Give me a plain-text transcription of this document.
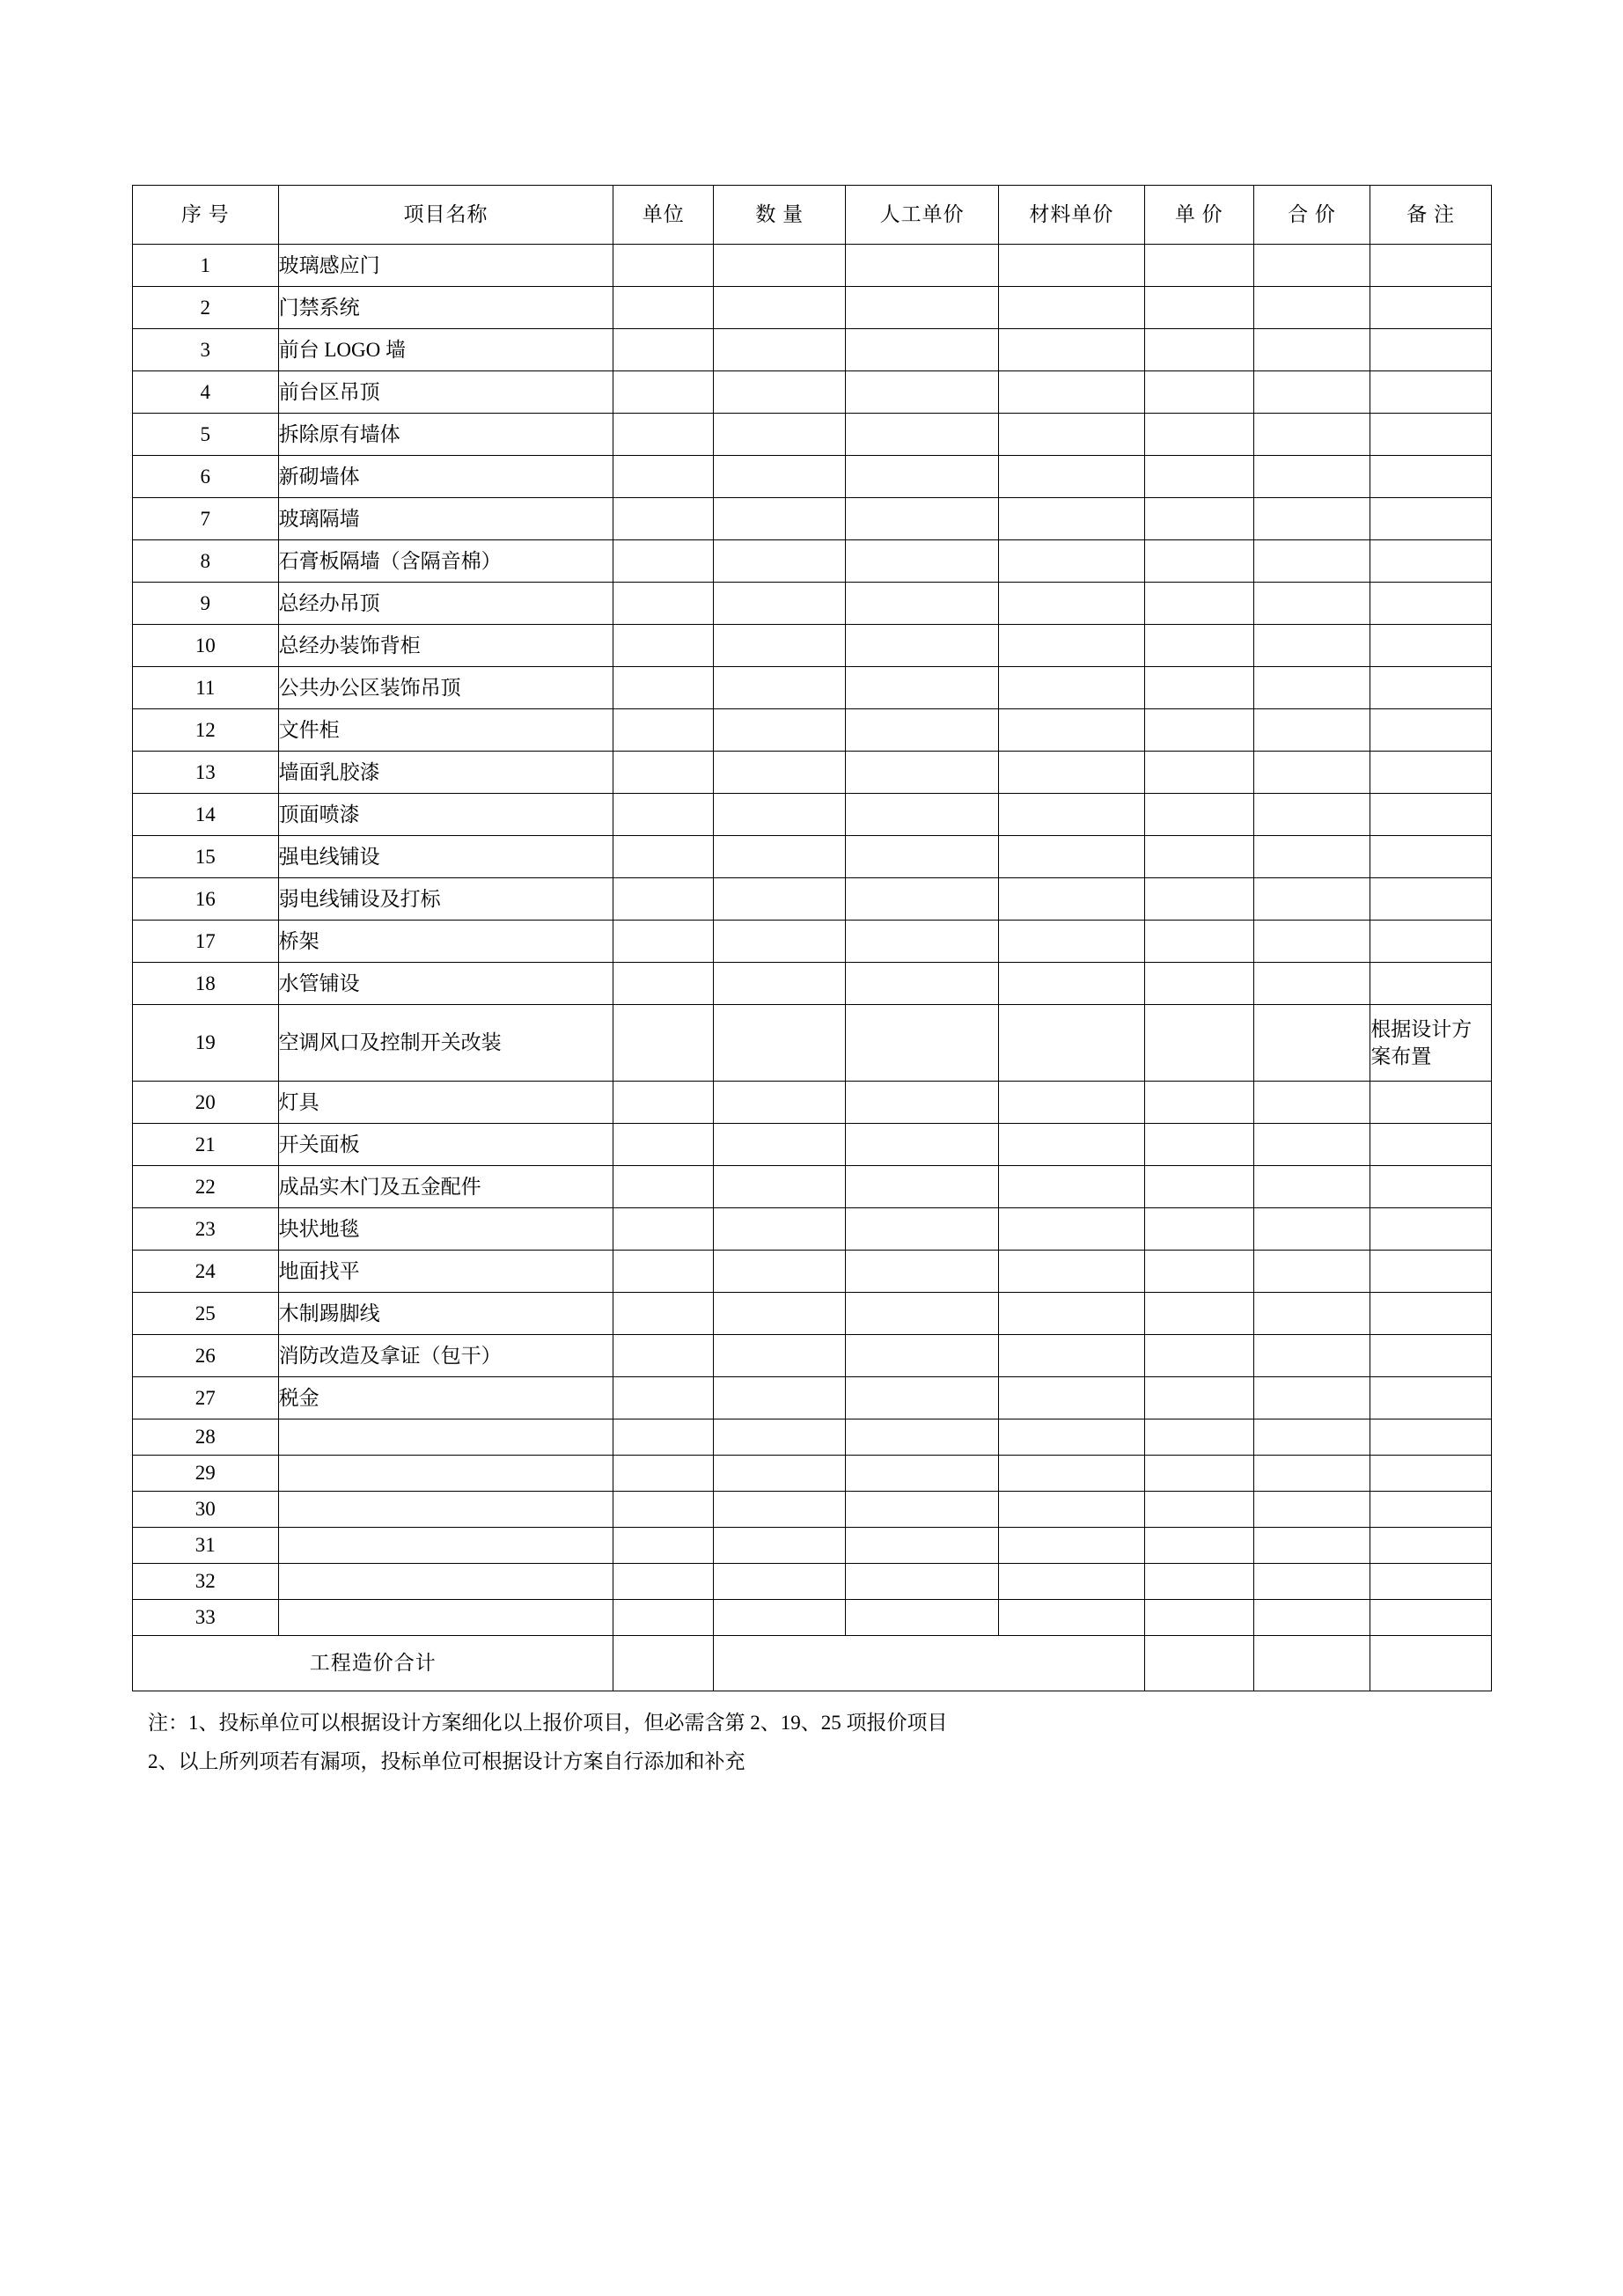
序 号	项目名称	单位	数 量	人工单价	材料单价	单 价	合 价	备 注
1	玻璃感应门							
2	门禁系统							
3	前台 LOGO 墙							
4	前台区吊顶							
5	拆除原有墙体							
6	新砌墙体							
7	玻璃隔墙							
8	石膏板隔墙（含隔音棉）							
9	总经办吊顶							
10	总经办装饰背柜							
11	公共办公区装饰吊顶							
12	文件柜							
13	墙面乳胶漆							
14	顶面喷漆							
15	强电线铺设							
16	弱电线铺设及打标							
17	桥架							
18	水管铺设							
19	空调风口及控制开关改装							根据设计方案布置
20	灯具							
21	开关面板							
22	成品实木门及五金配件							
23	块状地毯							
24	地面找平							
25	木制踢脚线							
26	消防改造及拿证（包干）							
27	税金							
28								
29								
30								
31								
32								
33								
工程造价合计								
注：1、投标单位可以根据设计方案细化以上报价项目，但必需含第 2、19、25 项报价项目
2、以上所列项若有漏项，投标单位可根据设计方案自行添加和补充
